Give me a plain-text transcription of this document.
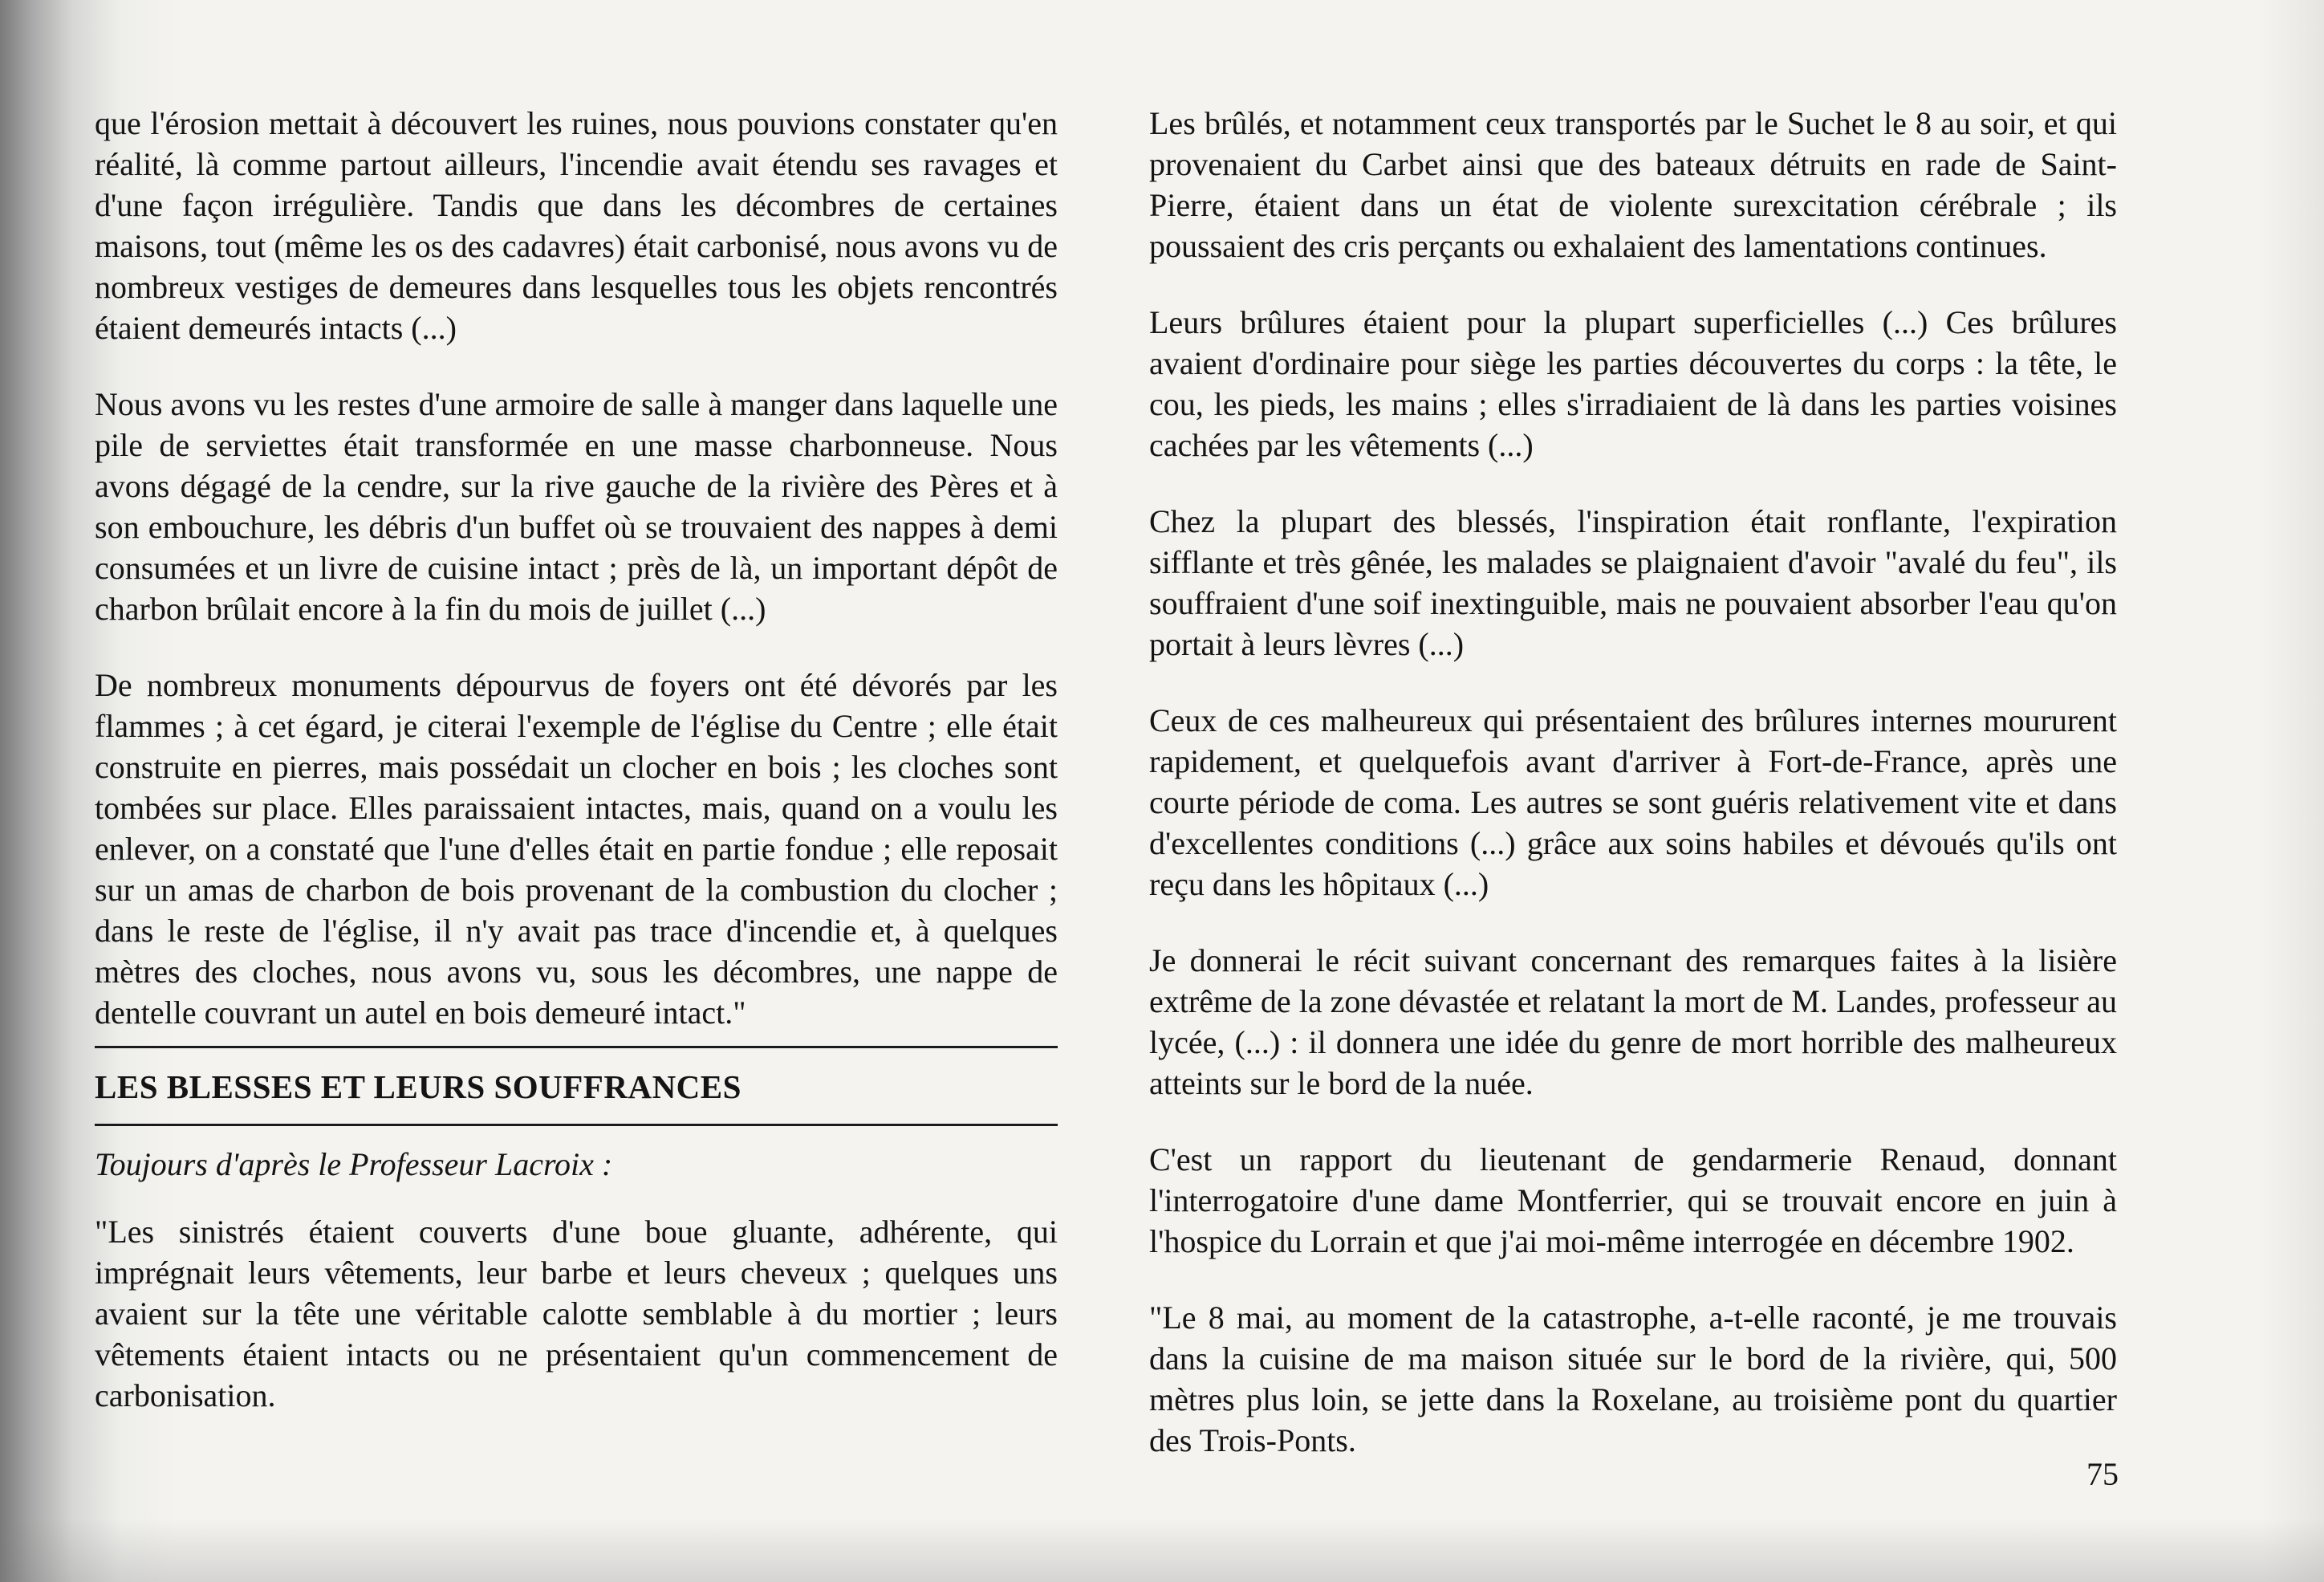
que l'érosion mettait à découvert les ruines, nous pouvions constater qu'en réalité, là comme partout ailleurs, l'incendie avait étendu ses ravages et d'une façon irrégulière. Tandis que dans les décombres de certaines maisons, tout (même les os des cadavres) était carbonisé, nous avons vu de nombreux vestiges de demeures dans lesquelles tous les objets rencontrés étaient demeurés intacts (...)

Nous avons vu les restes d'une armoire de salle à manger dans laquelle une pile de serviettes était transformée en une masse charbonneuse. Nous avons dégagé de la cendre, sur la rive gauche de la rivière des Pères et à son embouchure, les débris d'un buffet où se trouvaient des nappes à demi consumées et un livre de cuisine intact ; près de là, un important dépôt de charbon brûlait encore à la fin du mois de juillet (...)

De nombreux monuments dépourvus de foyers ont été dévorés par les flammes ; à cet égard, je citerai l'exemple de l'église du Centre ; elle était construite en pierres, mais possédait un clocher en bois ; les cloches sont tombées sur place. Elles paraissaient intactes, mais, quand on a voulu les enlever, on a constaté que l'une d'elles était en partie fondue ; elle reposait sur un amas de charbon de bois provenant de la combustion du clocher ; dans le reste de l'église, il n'y avait pas trace d'incendie et, à quelques mètres des cloches, nous avons vu, sous les décombres, une nappe de dentelle couvrant un autel en bois demeuré intact."

LES BLESSES ET LEURS SOUFFRANCES

Toujours d'après le Professeur Lacroix :

"Les sinistrés étaient couverts d'une boue gluante, adhérente, qui imprégnait leurs vêtements, leur barbe et leurs cheveux ; quelques uns avaient sur la tête une véritable calotte semblable à du mortier ; leurs vêtements étaient intacts ou ne présentaient qu'un commencement de carbonisation.

Les brûlés, et notamment ceux transportés par le Suchet le 8 au soir, et qui provenaient du Carbet ainsi que des bateaux détruits en rade de Saint-Pierre, étaient dans un état de violente surexcitation cérébrale ; ils poussaient des cris perçants ou exhalaient des lamentations continues.

Leurs brûlures étaient pour la plupart superficielles (...) Ces brûlures avaient d'ordinaire pour siège les parties découvertes du corps : la tête, le cou, les pieds, les mains ; elles s'irradiaient de là dans les parties voisines cachées par les vêtements (...)

Chez la plupart des blessés, l'inspiration était ronflante, l'expiration sifflante et très gênée, les malades se plaignaient d'avoir "avalé du feu", ils souffraient d'une soif inextinguible, mais ne pouvaient absorber l'eau qu'on portait à leurs lèvres (...)

Ceux de ces malheureux qui présentaient des brûlures internes moururent rapidement, et quelquefois avant d'arriver à Fort-de-France, après une courte période de coma. Les autres se sont guéris relativement vite et dans d'excellentes conditions (...) grâce aux soins habiles et dévoués qu'ils ont reçu dans les hôpitaux (...)

Je donnerai le récit suivant concernant des remarques faites à la lisière extrême de la zone dévastée et relatant la mort de M. Landes, professeur au lycée, (...) : il donnera une idée du genre de mort horrible des malheureux atteints sur le bord de la nuée.

C'est un rapport du lieutenant de gendarmerie Renaud, donnant l'interrogatoire d'une dame Montferrier, qui se trouvait encore en juin à l'hospice du Lorrain et que j'ai moi-même interrogée en décembre 1902.

"Le 8 mai, au moment de la catastrophe, a-t-elle raconté, je me trouvais dans la cuisine de ma maison située sur le bord de la rivière, qui, 500 mètres plus loin, se jette dans la Roxelane, au troisième pont du quartier des Trois-Ponts.

75
